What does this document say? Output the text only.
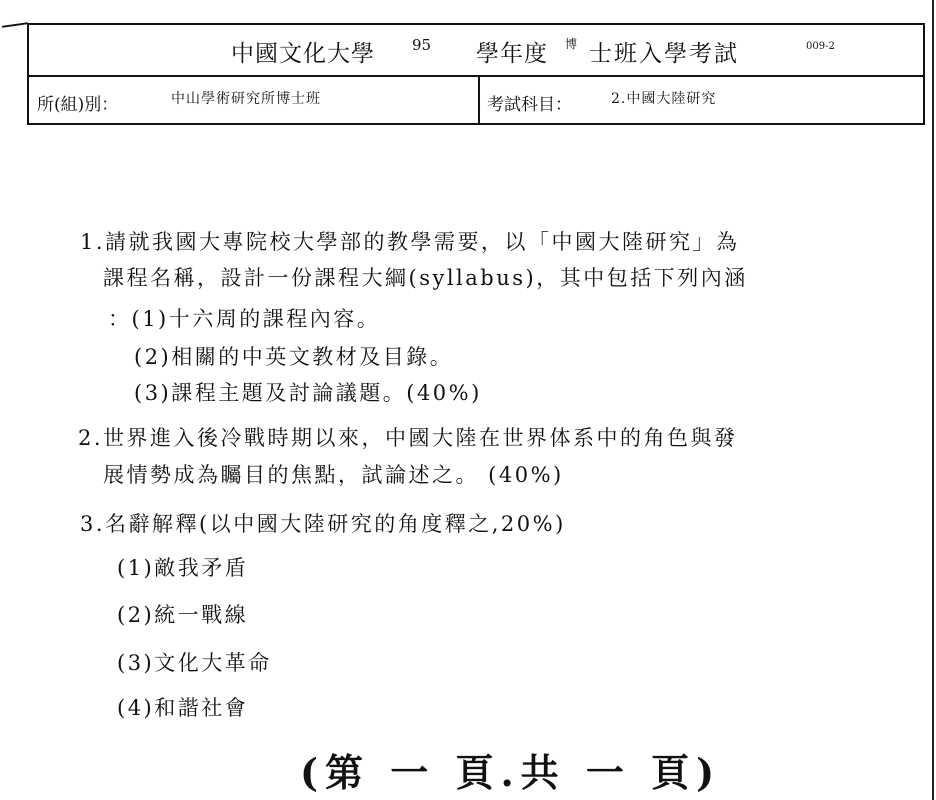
中國文化大學 95 學年度 博 士班入學考試	009-2
所(組)別：	中山學術研究所博士班	考試科目：	2.中國大陸研究
1.請就我國大專院校大學部的教學需要，以「中國大陸研究」為
課程名稱，設計一份課程大綱(syllabus)，其中包括下列內涵
：(1)十六周的課程內容。
(2)相關的中英文教材及目錄。
(3)課程主題及討論議題。(40%)
2.世界進入後冷戰時期以來，中國大陸在世界体系中的角色與發
展情勢成為矚目的焦點，試論述之。 (40%)
3.名辭解釋(以中國大陸研究的角度釋之,20%)
(1)敵我矛盾
(2)統一戰線
(3)文化大革命
(4)和諧社會
(第 一 頁.共 一 頁)
